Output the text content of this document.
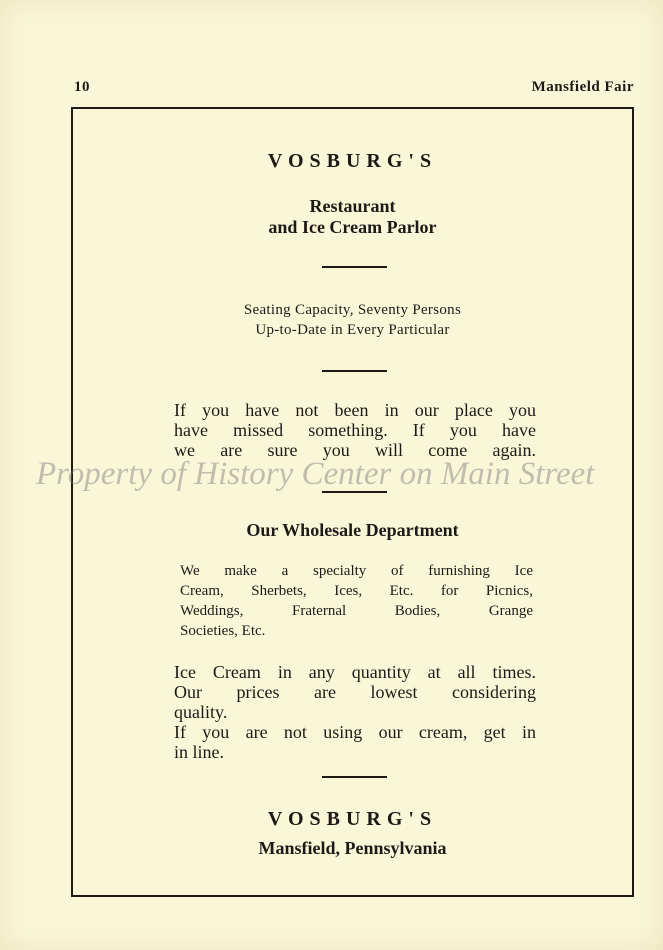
10	Mansfield Fair
VOSBURG'S
Restaurant
and Ice Cream Parlor
Seating Capacity, Seventy Persons
Up-to-Date in Every Particular
If you have not been in our place you
have missed something. If you have
we are sure you will come again.
Property of History Center on Main Street
Our Wholesale Department
We make a specialty of furnishing Ice
Cream, Sherbets, Ices, Etc. for Picnics,
Weddings, Fraternal Bodies, Grange
Societies, Etc.
Ice Cream in any quantity at all times.
Our prices are lowest considering
quality.
If you are not using our cream, get in
in line.
VOSBURG'S
Mansfield, Pennsylvania
